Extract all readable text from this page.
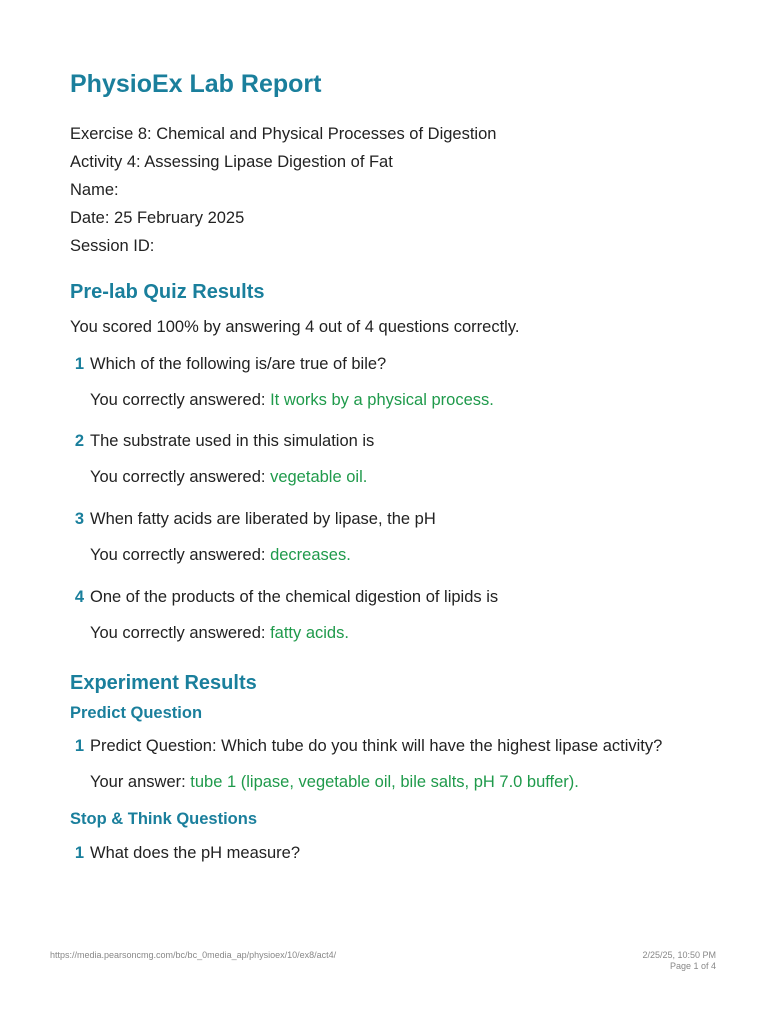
PhysioEx Lab Report
Exercise 8: Chemical and Physical Processes of Digestion
Activity 4: Assessing Lipase Digestion of Fat
Name:
Date: 25 February 2025
Session ID:
Pre-lab Quiz Results
You scored 100% by answering 4 out of 4 questions correctly.
1 Which of the following is/are true of bile?
You correctly answered: It works by a physical process.
2 The substrate used in this simulation is
You correctly answered: vegetable oil.
3 When fatty acids are liberated by lipase, the pH
You correctly answered: decreases.
4 One of the products of the chemical digestion of lipids is
You correctly answered: fatty acids.
Experiment Results
Predict Question
1 Predict Question: Which tube do you think will have the highest lipase activity?
Your answer: tube 1 (lipase, vegetable oil, bile salts, pH 7.0 buffer).
Stop & Think Questions
1 What does the pH measure?
https://media.pearsoncmg.com/bc/bc_0media_ap/physioex/10/ex8/act4/	2/25/25, 10:50 PM
Page 1 of 4
